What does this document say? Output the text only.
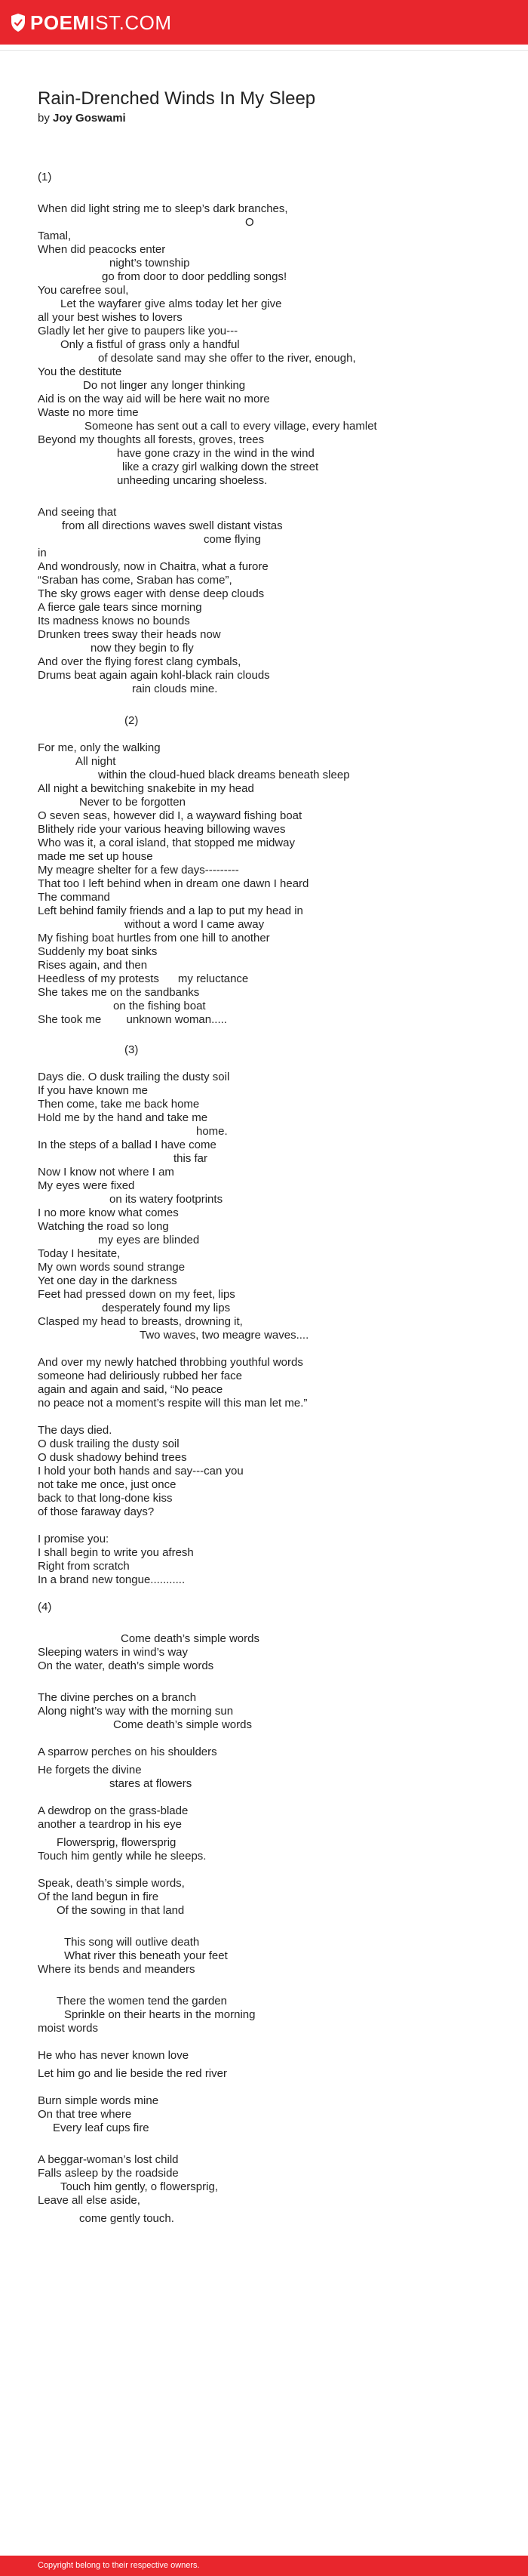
POEM IST.COM
Rain-Drenched Winds In My Sleep
by Joy Goswami
(1)
When did light string me to sleep’s dark branches,
O
Tamal,
When did peacocks enter
night’s township
go from door to door peddling songs!
You carefree soul,
Let the wayfarer give alms today let her give
all your best wishes to lovers
Gladly let her give to paupers like you---
Only a fistful of grass only a handful
of desolate sand may she offer to the river, enough,
You the destitute
Do not linger any longer thinking
Aid is on the way aid will be here wait no more
Waste no more time
Someone has sent out a call to every village, every hamlet
Beyond my thoughts all forests, groves, trees
have gone crazy in the wind in the wind
like a crazy girl walking down the street
unheeding uncaring shoeless.
And seeing that
from all directions waves swell distant vistas
come flying
in
And wondrously, now in Chaitra, what a furore
“Sraban has come, Sraban has come”,
The sky grows eager with dense deep clouds
A fierce gale tears since morning
Its madness knows no bounds
Drunken trees sway their heads now
now they begin to fly
And over the flying forest clang cymbals,
Drums beat again again kohl-black rain clouds
rain clouds mine.
(2)
For me, only the walking
All night
within the cloud-hued black dreams beneath sleep
All night a bewitching snakebite in my head
Never to be forgotten
O seven seas, however did I, a wayward fishing boat
Blithely ride your various heaving billowing waves
Who was it, a coral island, that stopped me midway
made me set up house
My meagre shelter for a few days---------
That too I left behind when in dream one dawn I heard
The command
Left behind family friends and a lap to put my head in
without a word I came away
My fishing boat hurtles from one hill to another
Suddenly my boat sinks
Rises again, and then
Heedless of my protests      my reluctance
She takes me on the sandbanks
on the fishing boat
She took me        unknown woman.....
(3)
Days die. O dusk trailing the dusty soil
If you have known me
Then come, take me back home
Hold me by the hand and take me
home.
In the steps of a ballad I have come
this far
Now I know not where I am
My eyes were fixed
on its watery footprints
I no more know what comes
Watching the road so long
my eyes are blinded
Today I hesitate,
My own words sound strange
Yet one day in the darkness
Feet had pressed down on my feet, lips
desperately found my lips
Clasped my head to breasts, drowning it,
Two waves, two meagre waves....
And over my newly hatched throbbing youthful words
someone had deliriously rubbed her face
again and again and said, “No peace
no peace not a moment’s respite will this man let me.”
The days died.
O dusk trailing the dusty soil
O dusk shadowy behind trees
I hold your both hands and say---can you
not take me once, just once
back to that long-done kiss
of those faraway days?
I promise you:
I shall begin to write you afresh
Right from scratch
In a brand new tongue...........
(4)
Come death’s simple words
Sleeping waters in wind’s way
On the water, death’s simple words
The divine perches on a branch
Along night’s way with the morning sun
Come death’s simple words
A sparrow perches on his shoulders
He forgets the divine
stares at flowers
A dewdrop on the grass-blade
another a teardrop in his eye
Flowersprig, flowersprig
Touch him gently while he sleeps.
Speak, death’s simple words,
Of the land begun in fire
Of the sowing in that land
This song will outlive death
What river this beneath your feet
Where its bends and meanders
There the women tend the garden
Sprinkle on their hearts in the morning
moist words
He who has never known love
Let him go and lie beside the red river
Burn simple words mine
On that tree where
Every leaf cups fire
A beggar-woman’s lost child
Falls asleep by the roadside
Touch him gently, o flowersprig,
Leave all else aside,
come gently touch.
Copyright belong to their respective owners.
